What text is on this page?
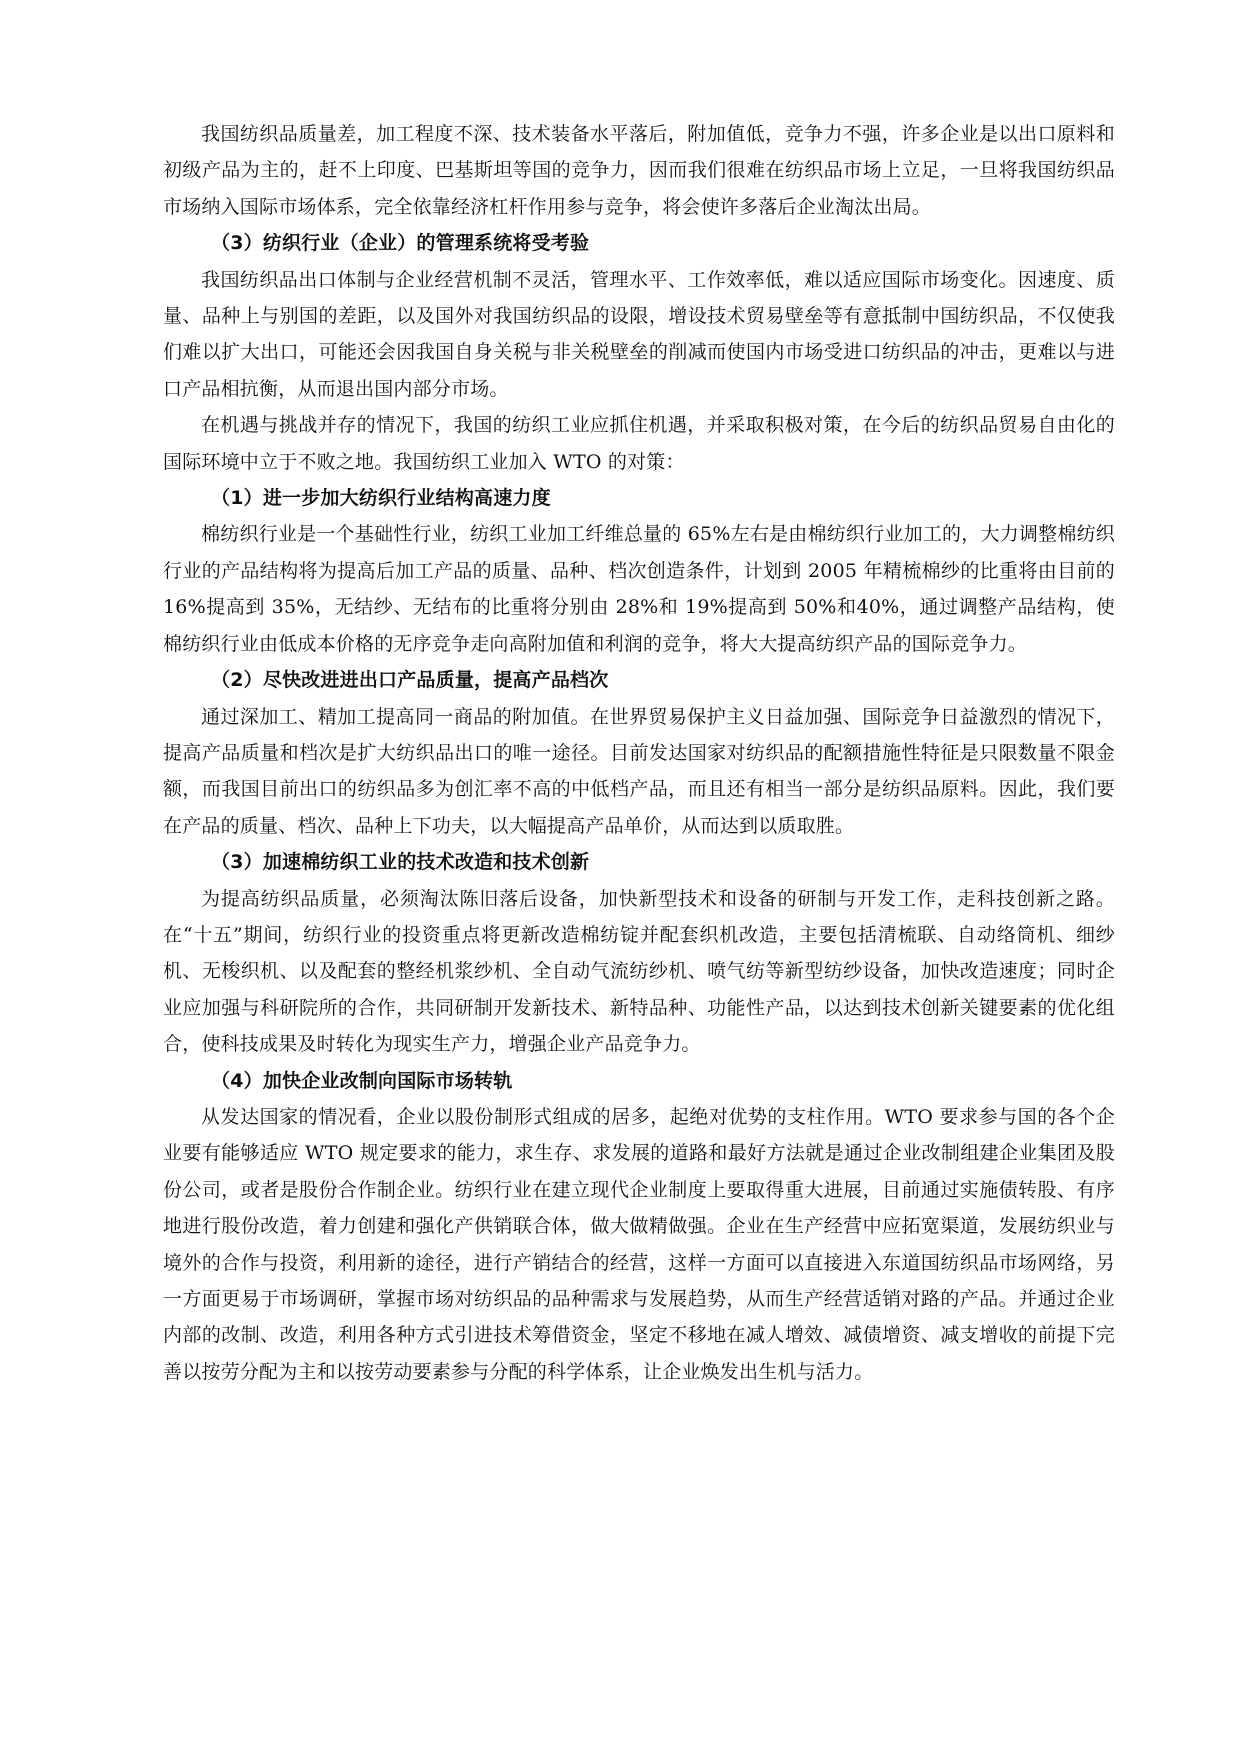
我国纺织品质量差，加工程度不深、技术装备水平落后，附加值低，竞争力不强，许多企业是以出口原料和初级产品为主的，赶不上印度、巴基斯坦等国的竞争力，因而我们很难在纺织品市场上立足，一旦将我国纺织品市场纳入国际市场体系，完全依靠经济杠杆作用参与竞争，将会使许多落后企业淘汰出局。

（3）纺织行业（企业）的管理系统将受考验

我国纺织品出口体制与企业经营机制不灵活，管理水平、工作效率低，难以适应国际市场变化。因速度、质量、品种上与别国的差距，以及国外对我国纺织品的设限，增设技术贸易壁垒等有意抵制中国纺织品，不仅使我们难以扩大出口，可能还会因我国自身关税与非关税壁垒的削减而使国内市场受进口纺织品的冲击，更难以与进口产品相抗衡，从而退出国内部分市场。

在机遇与挑战并存的情况下，我国的纺织工业应抓住机遇，并采取积极对策，在今后的纺织品贸易自由化的国际环境中立于不败之地。我国纺织工业加入 WTO 的对策：

（1）进一步加大纺织行业结构高速力度

棉纺织行业是一个基础性行业，纺织工业加工纤维总量的 65%左右是由棉纺织行业加工的，大力调整棉纺织行业的产品结构将为提高后加工产品的质量、品种、档次创造条件，计划到 2005 年精梳棉纱的比重将由目前的 16%提高到 35%，无结纱、无结布的比重将分别由 28%和 19%提高到 50%和40%，通过调整产品结构，使棉纺织行业由低成本价格的无序竞争走向高附加值和利润的竞争，将大大提高纺织产品的国际竞争力。

（2）尽快改进进出口产品质量，提高产品档次

通过深加工、精加工提高同一商品的附加值。在世界贸易保护主义日益加强、国际竞争日益激烈的情况下，提高产品质量和档次是扩大纺织品出口的唯一途径。目前发达国家对纺织品的配额措施性特征是只限数量不限金额，而我国目前出口的纺织品多为创汇率不高的中低档产品，而且还有相当一部分是纺织品原料。因此，我们要在产品的质量、档次、品种上下功夫，以大幅提高产品单价，从而达到以质取胜。

（3）加速棉纺织工业的技术改造和技术创新

为提高纺织品质量，必须淘汰陈旧落后设备，加快新型技术和设备的研制与开发工作，走科技创新之路。在“十五”期间，纺织行业的投资重点将更新改造棉纺锭并配套织机改造，主要包括清梳联、自动络筒机、细纱机、无梭织机、以及配套的整经机浆纱机、全自动气流纺纱机、喷气纺等新型纺纱设备，加快改造速度；同时企业应加强与科研院所的合作，共同研制开发新技术、新特品种、功能性产品，以达到技术创新关键要素的优化组合，使科技成果及时转化为现实生产力，增强企业产品竞争力。

（4）加快企业改制向国际市场转轨

从发达国家的情况看，企业以股份制形式组成的居多，起绝对优势的支柱作用。WTO 要求参与国的各个企业要有能够适应 WTO 规定要求的能力，求生存、求发展的道路和最好方法就是通过企业改制组建企业集团及股份公司，或者是股份合作制企业。纺织行业在建立现代企业制度上要取得重大进展，目前通过实施债转股、有序地进行股份改造，着力创建和强化产供销联合体，做大做精做强。企业在生产经营中应拓宽渠道，发展纺织业与境外的合作与投资，利用新的途径，进行产销结合的经营，这样一方面可以直接进入东道国纺织品市场网络，另一方面更易于市场调研，掌握市场对纺织品的品种需求与发展趋势，从而生产经营适销对路的产品。并通过企业内部的改制、改造，利用各种方式引进技术筹借资金，坚定不移地在减人增效、减债增资、减支增收的前提下完善以按劳分配为主和以按劳动要素参与分配的科学体系，让企业焕发出生机与活力。
